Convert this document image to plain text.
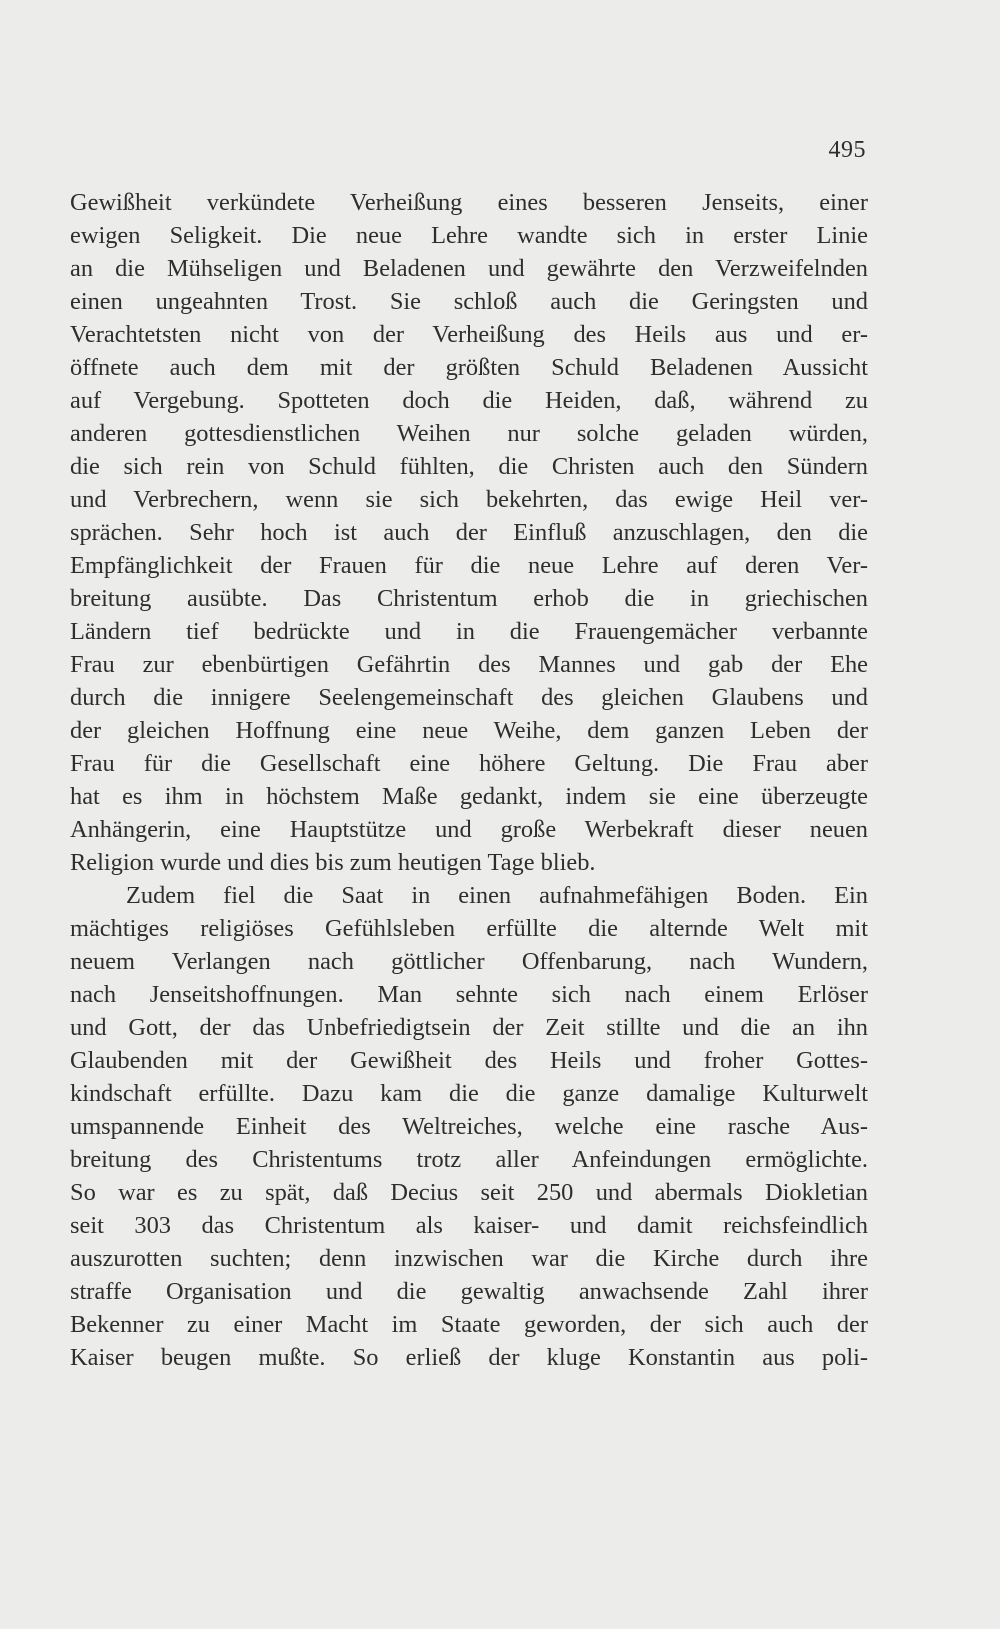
495
Gewißheit verkündete Verheißung eines besseren Jenseits, einer
ewigen Seligkeit. Die neue Lehre wandte sich in erster Linie
an die Mühseligen und Beladenen und gewährte den Verzweifelnden
einen ungeahnten Trost. Sie schloß auch die Geringsten und
Verachtetsten nicht von der Verheißung des Heils aus und er-
öffnete auch dem mit der größten Schuld Beladenen Aussicht
auf Vergebung. Spotteten doch die Heiden, daß, während zu
anderen gottesdienstlichen Weihen nur solche geladen würden,
die sich rein von Schuld fühlten, die Christen auch den Sündern
und Verbrechern, wenn sie sich bekehrten, das ewige Heil ver-
sprächen. Sehr hoch ist auch der Einfluß anzuschlagen, den die
Empfänglichkeit der Frauen für die neue Lehre auf deren Ver-
breitung ausübte. Das Christentum erhob die in griechischen
Ländern tief bedrückte und in die Frauengemächer verbannte
Frau zur ebenbürtigen Gefährtin des Mannes und gab der Ehe
durch die innigere Seelengemeinschaft des gleichen Glaubens und
der gleichen Hoffnung eine neue Weihe, dem ganzen Leben der
Frau für die Gesellschaft eine höhere Geltung. Die Frau aber
hat es ihm in höchstem Maße gedankt, indem sie eine überzeugte
Anhängerin, eine Hauptstütze und große Werbekraft dieser neuen
Religion wurde und dies bis zum heutigen Tage blieb.
Zudem fiel die Saat in einen aufnahmefähigen Boden. Ein
mächtiges religiöses Gefühlsleben erfüllte die alternde Welt mit
neuem Verlangen nach göttlicher Offenbarung, nach Wundern,
nach Jenseitshoffnungen. Man sehnte sich nach einem Erlöser
und Gott, der das Unbefriedigtsein der Zeit stillte und die an ihn
Glaubenden mit der Gewißheit des Heils und froher Gottes-
kindschaft erfüllte. Dazu kam die die ganze damalige Kulturwelt
umspannende Einheit des Weltreiches, welche eine rasche Aus-
breitung des Christentums trotz aller Anfeindungen ermöglichte.
So war es zu spät, daß Decius seit 250 und abermals Diokletian
seit 303 das Christentum als kaiser- und damit reichsfeindlich
auszurotten suchten; denn inzwischen war die Kirche durch ihre
straffe Organisation und die gewaltig anwachsende Zahl ihrer
Bekenner zu einer Macht im Staate geworden, der sich auch der
Kaiser beugen mußte. So erließ der kluge Konstantin aus poli-
